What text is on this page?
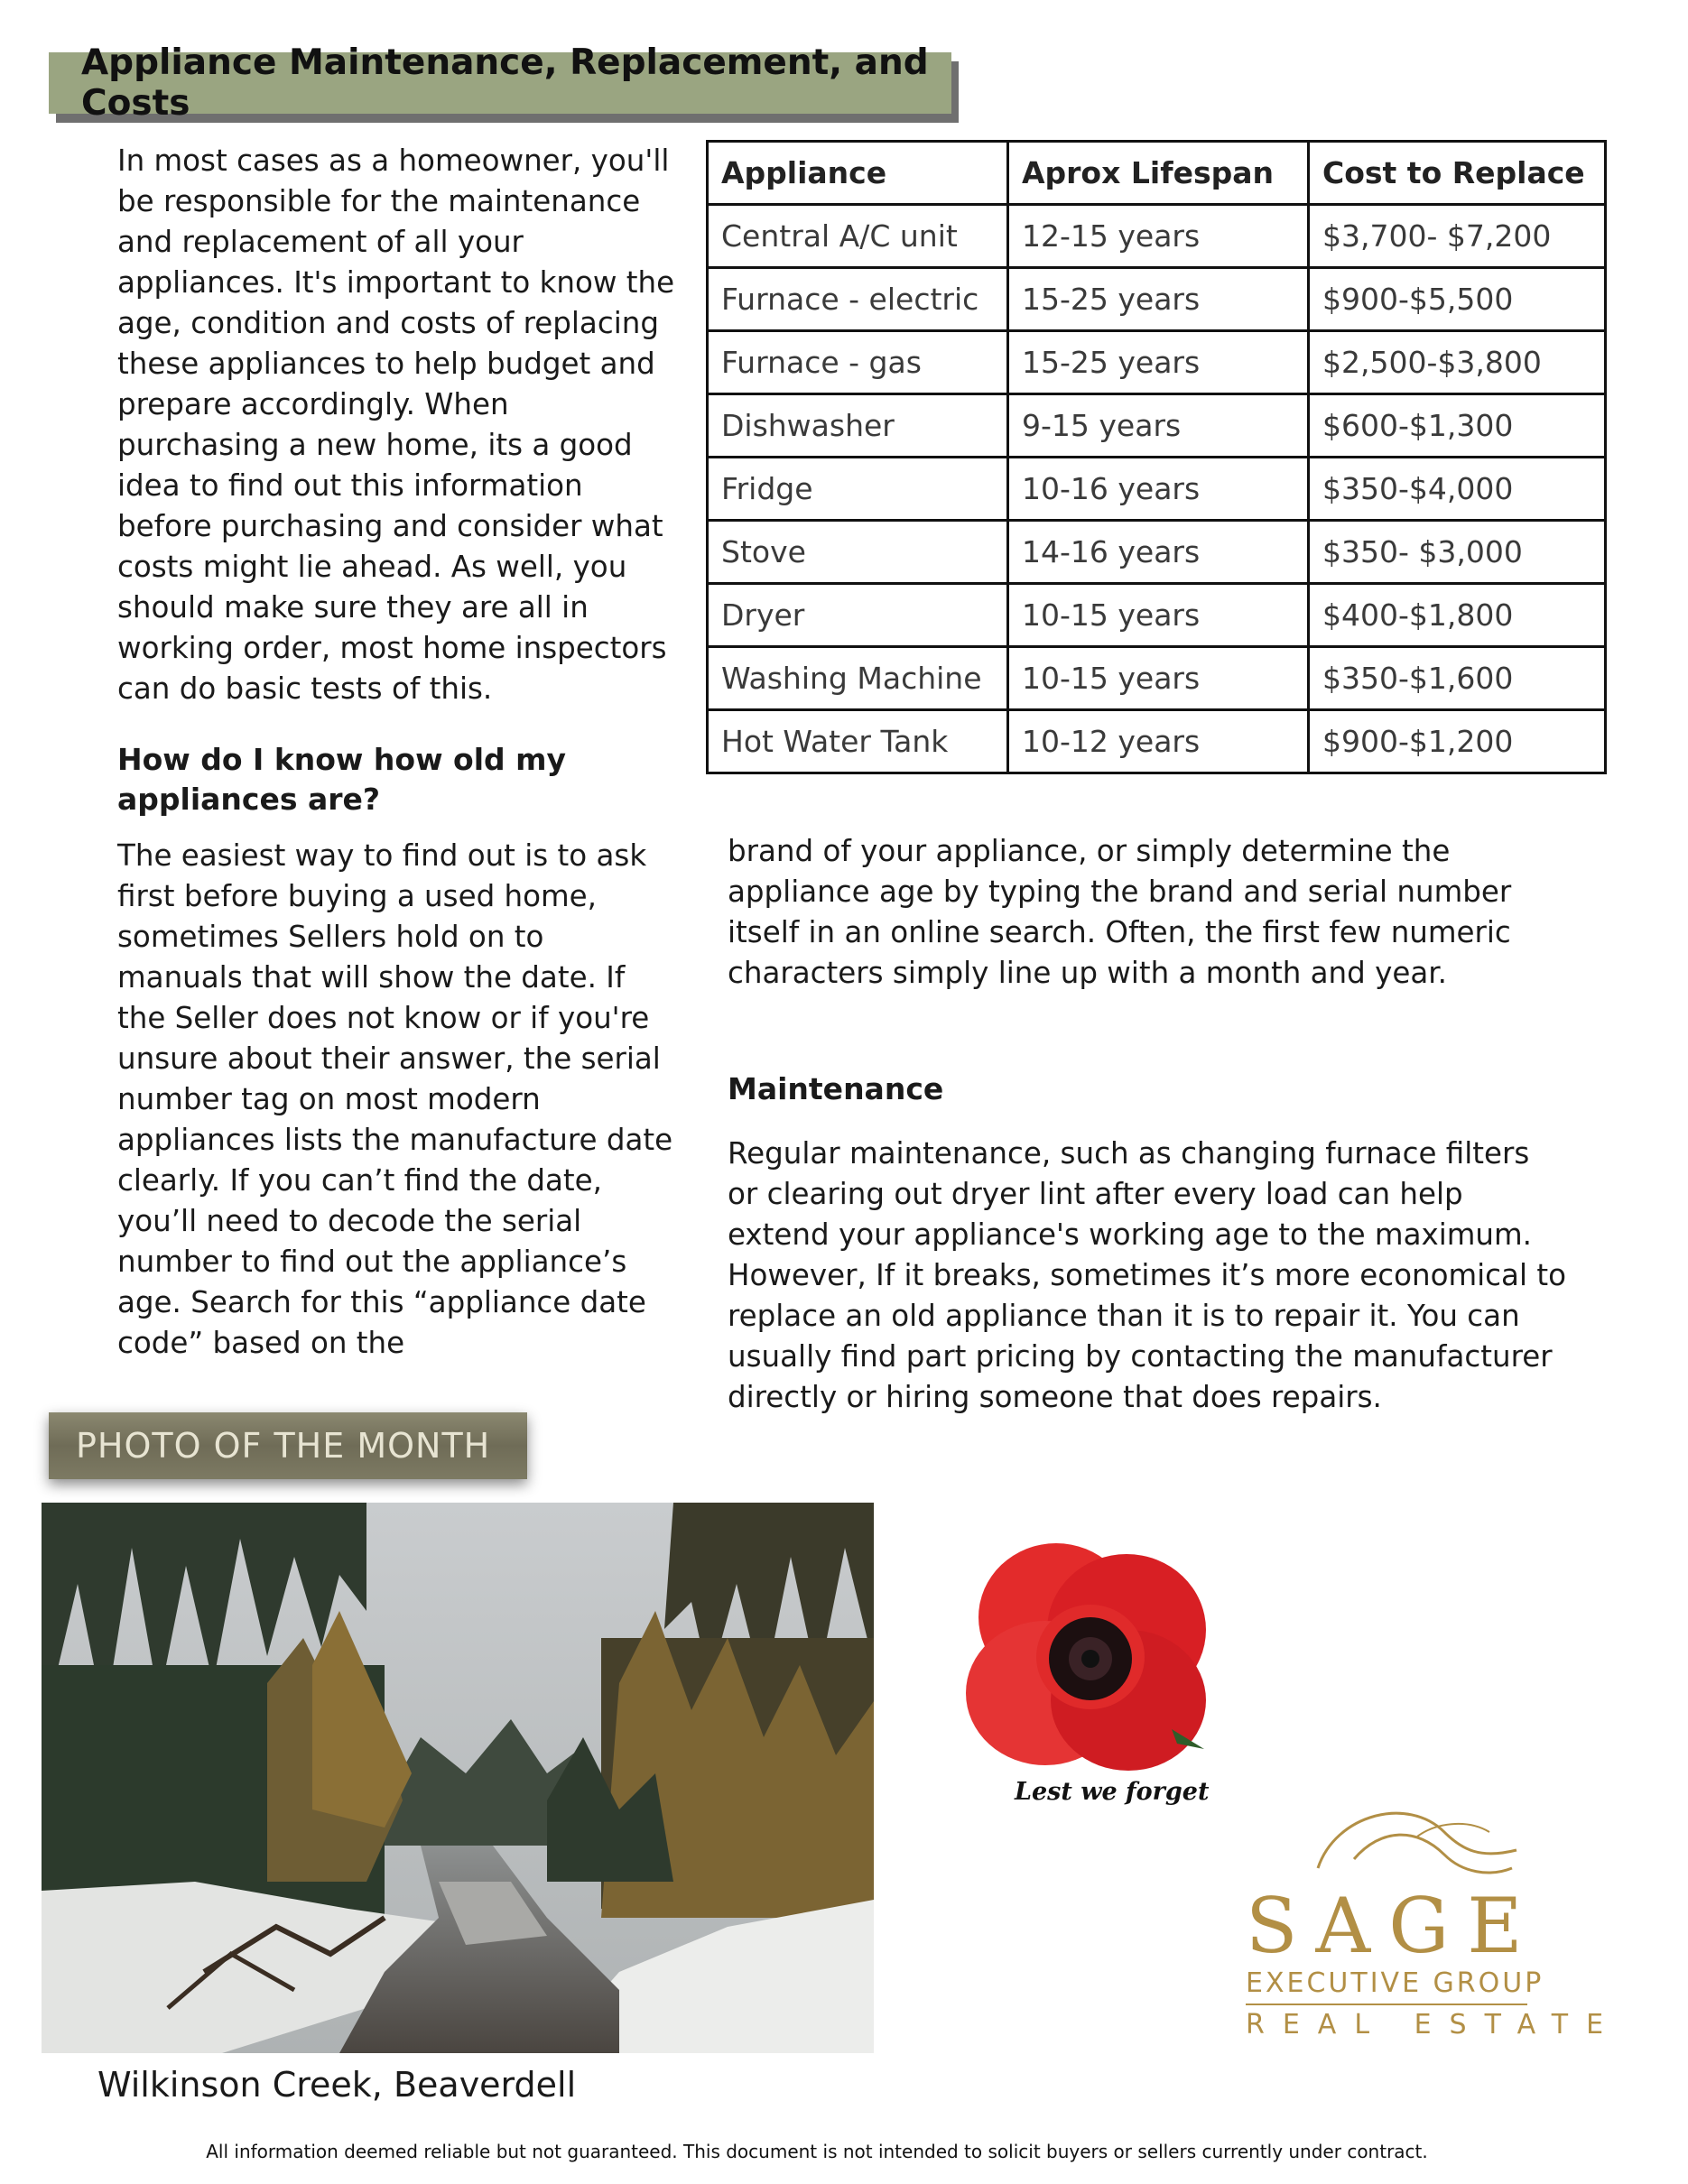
Appliance Maintenance, Replacement, and Costs
In most cases as a homeowner, you'll be responsible for the maintenance and replacement of all your appliances. It's important to know the age, condition and costs of replacing these appliances to help budget and prepare accordingly. When purchasing a new home, its a good idea to find out this information before purchasing and consider what costs might lie ahead. As well, you should make sure they are all in working order, most home inspectors can do basic tests of this.
Appliance	Aprox Lifespan	Cost to Replace
Central A/C unit	12-15 years	$3,700- $7,200
Furnace - electric	15-25 years	$900-$5,500
Furnace - gas	15-25 years	$2,500-$3,800
Dishwasher	9-15 years	$600-$1,300
Fridge	10-16 years	$350-$4,000
Stove	14-16 years	$350- $3,000
Dryer	10-15 years	$400-$1,800
Washing Machine	10-15 years	$350-$1,600
Hot Water Tank	10-12 years	$900-$1,200
How do I know how old my appliances are?
The easiest way to find out is to ask first before buying a used home, sometimes Sellers hold on to manuals that will show the date. If the Seller does not know or if you're unsure about their answer, the serial number tag on most modern appliances lists the manufacture date clearly. If you can’t find the date, you’ll need to decode the serial number to find out the appliance’s age. Search for this “appliance date code” based on the
brand of your appliance, or simply determine the appliance age by typing the brand and serial number itself in an online search. Often, the first few numeric characters simply line up with a month and year.
Maintenance
Regular maintenance, such as changing furnace filters or clearing out dryer lint after every load can help extend your appliance's working age to the maximum. However, If it breaks, sometimes it’s more economical to replace an old appliance than it is to repair it. You can usually find part pricing by contacting the manufacturer directly or hiring someone that does repairs.
PHOTO OF THE MONTH
Wilkinson Creek, Beaverdell
Lest we forget
SAGE
EXECUTIVE GROUP
REAL ESTATE
All information deemed reliable but not guaranteed. This document is not intended to solicit buyers or sellers currently under contract.
